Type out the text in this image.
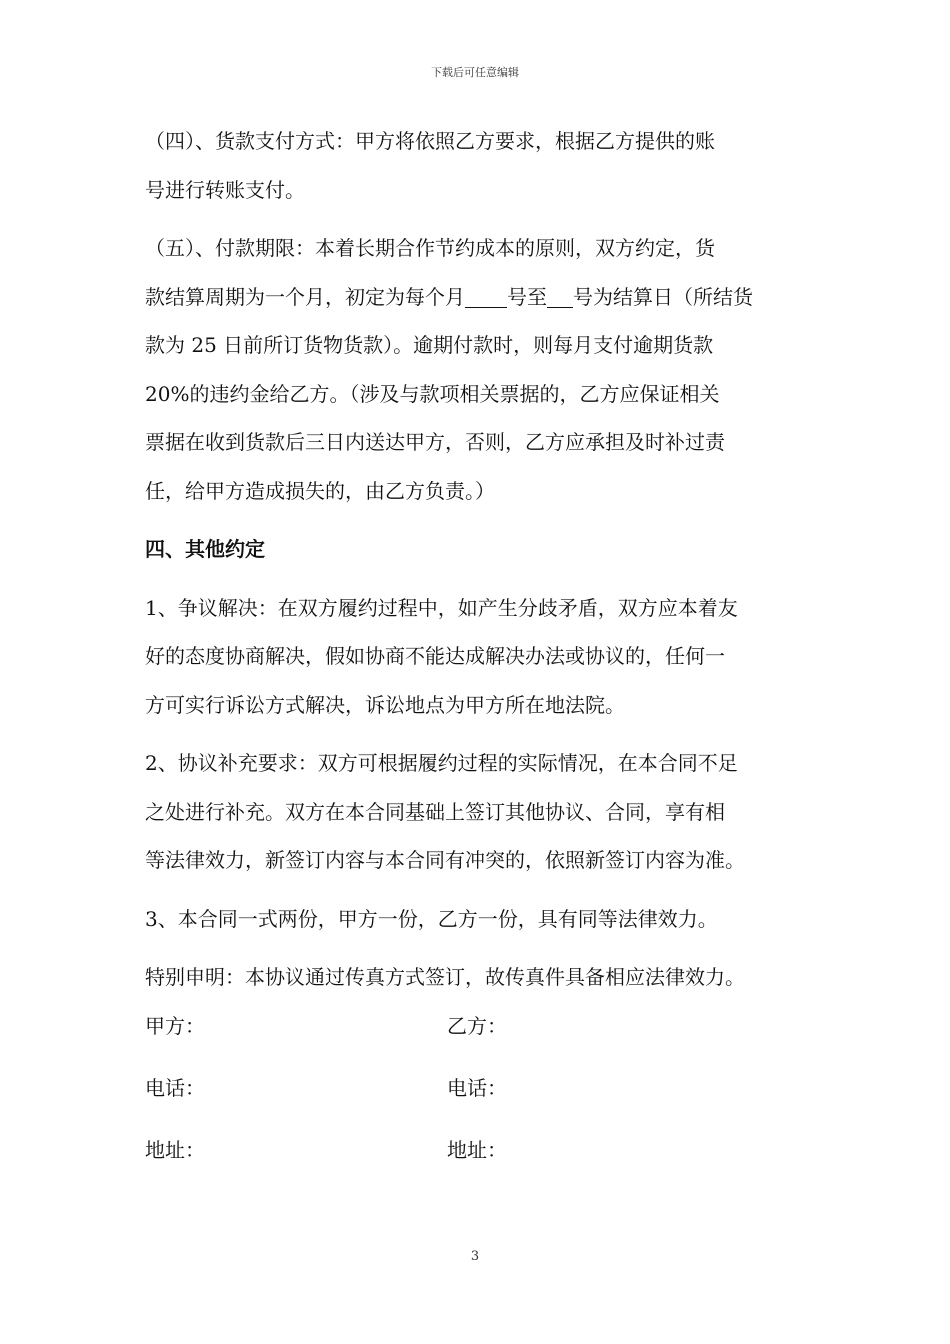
下载后可任意编辑

（四）、货款支付方式：甲方将依照乙方要求，根据乙方提供的账

号进行转账支付。

（五）、付款期限：本着长期合作节约成本的原则，双方约定，货

款结算周期为一个月，初定为每个月 号至 号为结算日（所结货

款为 25 日前所订货物货款）。逾期付款时，则每月支付逾期货款

20%的违约金给乙方。（涉及与款项相关票据的，乙方应保证相关

票据在收到货款后三日内送达甲方，否则，乙方应承担及时补过责

任，给甲方造成损失的，由乙方负责。）

四、其他约定

1、争议解决：在双方履约过程中，如产生分歧矛盾，双方应本着友

好的态度协商解决，假如协商不能达成解决办法或协议的，任何一

方可实行诉讼方式解决，诉讼地点为甲方所在地法院。

2、协议补充要求：双方可根据履约过程的实际情况，在本合同不足

之处进行补充。双方在本合同基础上签订其他协议、合同，享有相

等法律效力，新签订内容与本合同有冲突的，依照新签订内容为准。

3、本合同一式两份，甲方一份，乙方一份，具有同等法律效力。

特别申明：本协议通过传真方式签订，故传真件具备相应法律效力。

甲方：	乙方：
电话：	电话：
地址：	地址：
3
